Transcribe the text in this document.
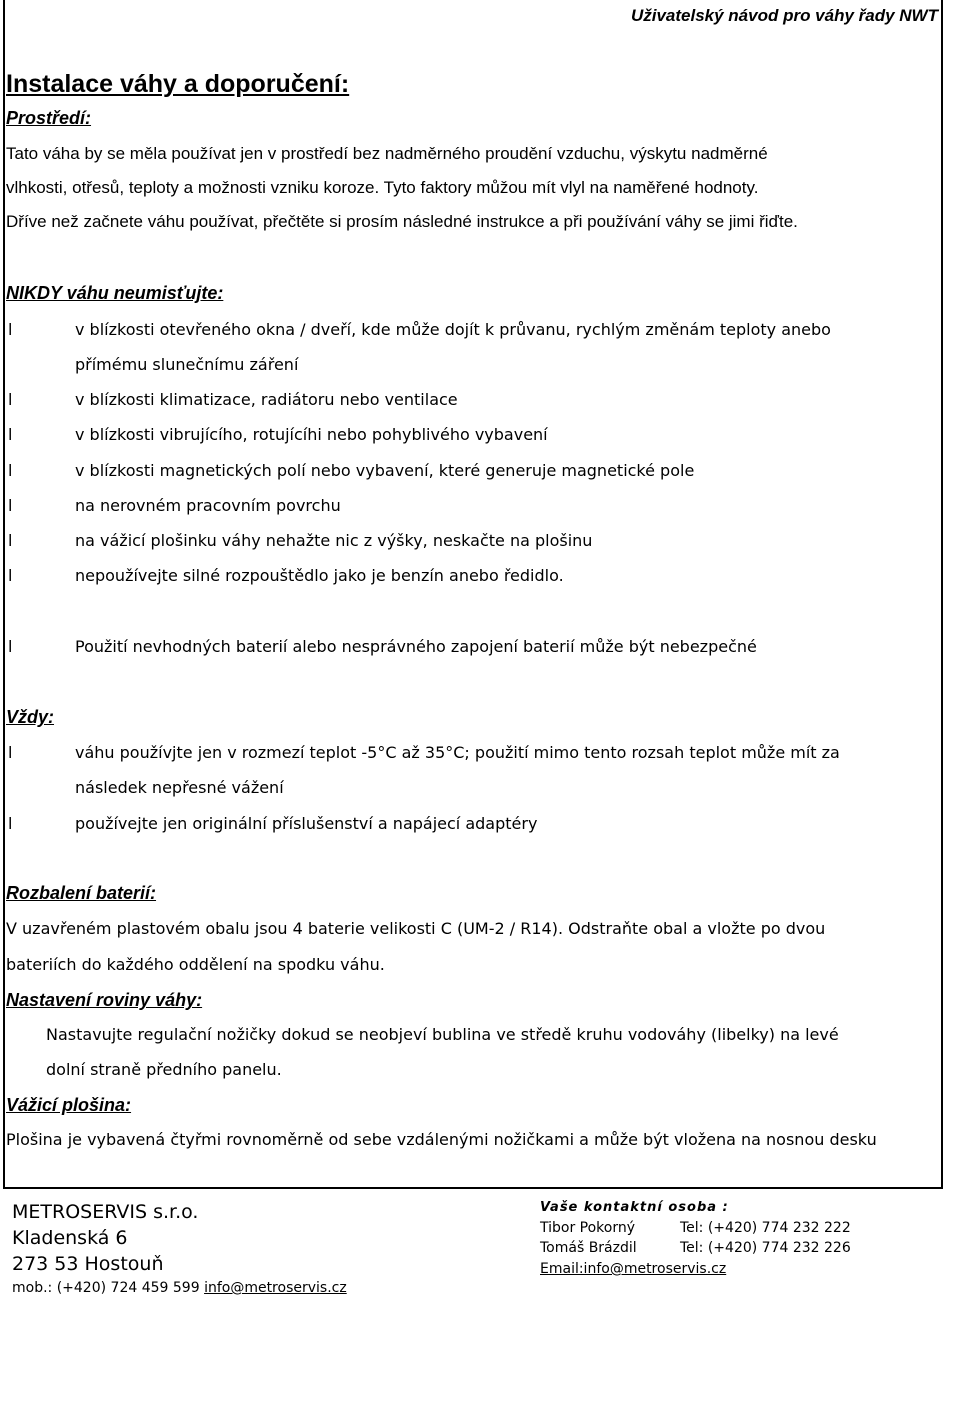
Uživatelský návod pro váhy řady NWT
Instalace váhy a doporučení:
Prostředí:
Tato váha by se měla používat jen v prostředí bez nadměrného proudění vzduchu, výskytu nadměrné
vlhkosti, otřesů, teploty a možnosti vzniku koroze. Tyto faktory můžou mít vlyl na naměřené hodnoty.
Dříve než začnete váhu používat, přečtěte si prosím následné instrukce a při používání váhy se jimi řiďte.
NIKDY váhu neumisťujte:
l	v blízkosti otevřeného okna / dveří, kde může dojít k průvanu, rychlým změnám teploty anebo
přímému slunečnímu záření
l	v blízkosti klimatizace, radiátoru nebo ventilace
l	v blízkosti vibrujícího, rotujícíhi nebo pohyblivého vybavení
l	v blízkosti magnetických polí nebo vybavení, které generuje magnetické pole
l	na nerovném pracovním povrchu
l	na vážicí plošinku váhy nehažte nic z výšky, neskačte na plošinu
l	nepoužívejte silné rozpouštědlo jako je benzín anebo ředidlo.
l	Použití nevhodných baterií alebo nesprávného zapojení baterií může být nebezpečné
Vždy:
l	váhu používjte jen v rozmezí teplot -5°C až 35°C; použití mimo tento rozsah teplot může mít za
následek nepřesné vážení
l	používejte jen originální příslušenství a napájecí adaptéry
Rozbalení baterií:
V uzavřeném plastovém obalu jsou 4 baterie velikosti C (UM-2 / R14). Odstraňte obal a vložte po dvou
bateriích do každého oddělení na spodku váhu.
Nastavení roviny váhy:
Nastavujte regulační nožičky dokud se neobjeví bublina ve středě kruhu vodováhy (libelky) na levé
dolní straně předního panelu.
Vážicí plošina:
Plošina je vybavená čtyřmi rovnoměrně od sebe vzdálenými nožičkami a může být vložena na nosnou desku
METROSERVIS s.r.o.
Kladenská 6
273 53 Hostouň
mob.: (+420) 724 459 599 info@metroservis.cz
Vaše kontaktní osoba :
Tibor Pokorný	Tel: (+420) 774 232 222
Tomáš Brázdil	Tel: (+420) 774 232 226
Email:info@metroservis.cz
